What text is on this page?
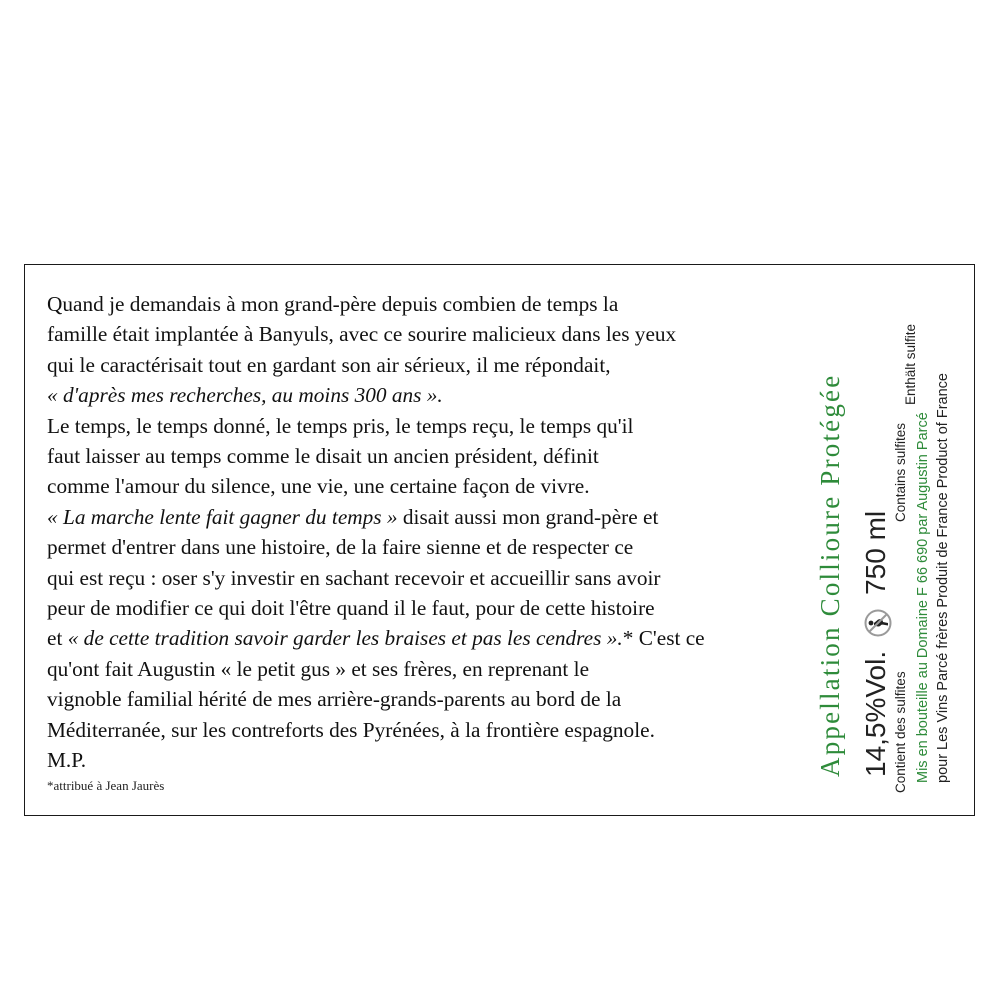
Quand je demandais à mon grand-père depuis combien de temps la

famille était implantée à Banyuls, avec ce sourire malicieux dans les yeux

qui le caractérisait tout en gardant son air sérieux, il me répondait,

« d'après mes recherches, au moins 300 ans ».

Le temps, le temps donné, le temps pris, le temps reçu, le temps qu'il

faut laisser au temps comme le disait un ancien président, définit

comme l'amour du silence, une vie, une certaine façon de vivre.

« La marche lente fait gagner du temps » disait aussi mon grand-père et

permet d'entrer dans une histoire, de la faire sienne et de respecter ce

qui est reçu : oser s'y investir en sachant recevoir et accueillir sans avoir

peur de modifier ce qui doit l'être quand il le faut, pour de cette histoire

et « de cette tradition savoir garder les braises et pas les cendres ».* C'est ce

qu'ont fait Augustin « le petit gus » et ses frères, en reprenant le

vignoble familial hérité de mes arrière-grands-parents au bord de la

Méditerranée, sur les contreforts des Pyrénées, à la frontière espagnole.

M.P.

*attribué à Jean Jaurès
Appellation Collioure Protégée 14,5%Vol.
750 ml
Contient des sulfites
Contains sulfites
Enthält sulfite
Mis en bouteille au Domaine F 66 690 par Augustin Parcé pour Les Vins Parcé frères Produit de France Product of France
